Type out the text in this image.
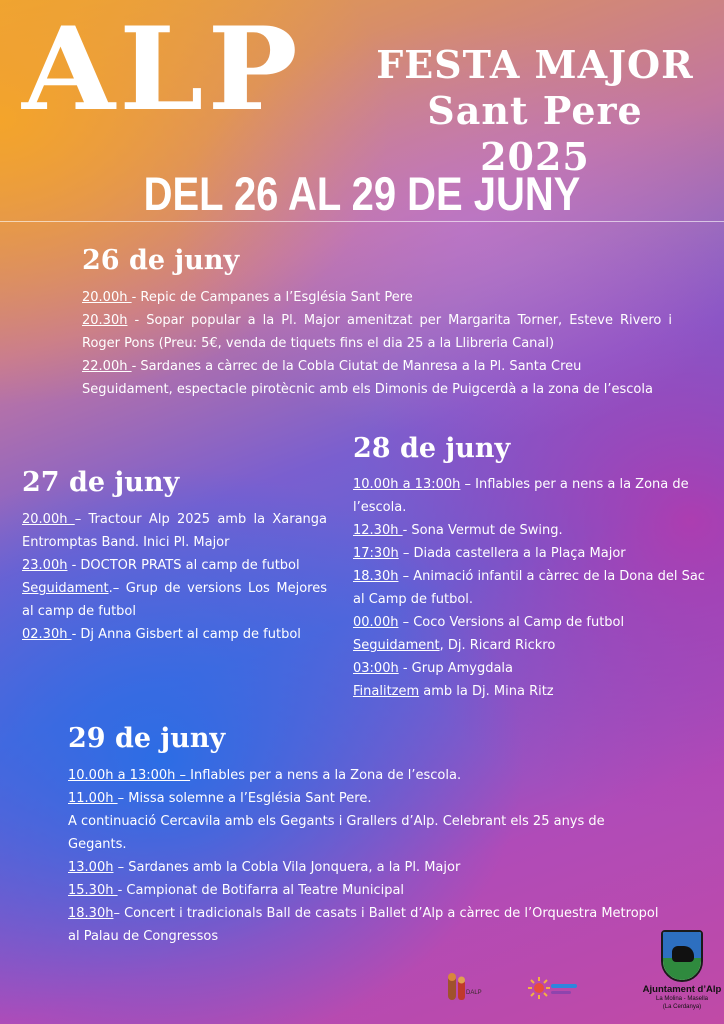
ALP FESTA MAJOR
Sant Pere 2025
DEL 26 AL 29 DE JUNY
26 de juny

20.00h - Repic de Campanes a l’Església Sant Pere

20.30h - Sopar popular a la Pl. Major amenitzat per Margarita Torner, Esteve Rivero i Roger Pons (Preu: 5€, venda de tiquets fins el dia 25 a la Llibreria Canal)

22.00h - Sardanes a càrrec de la Cobla Ciutat de Manresa a la Pl. Santa Creu

Seguidament, espectacle pirotècnic amb els Dimonis de Puigcerdà a la zona de l’escola

27 de juny

20.00h – Tractour Alp 2025 amb la Xaranga Entromptas Band. Inici Pl. Major

23.00h - DOCTOR PRATS al camp de futbol

Seguidament.– Grup de versions Los Mejores al camp de futbol

02.30h - Dj Anna Gisbert al camp de futbol

28 de juny

10.00h a 13:00h – Inflables per a nens a la Zona de l’escola.

12.30h - Sona Vermut de Swing.

17:30h – Diada castellera a la Plaça Major

18.30h – Animació infantil a càrrec de la Dona del Sac al Camp de futbol.

00.00h – Coco Versions al Camp de futbol

Seguidament, Dj. Ricard Rickro

03:00h - Grup Amygdala

Finalitzem amb la Dj. Mina Ritz

29 de juny

10.00h a 13:00h – Inflables per a nens a la Zona de l’escola.

11.00h – Missa solemne a l’Església Sant Pere.

A continuació Cercavila amb els Gegants i Grallers d’Alp. Celebrant els 25 anys de Gegants.

13.00h – Sardanes amb la Cobla Vila Jonquera, a la Pl. Major

15.30h - Campionat de Botifarra al Teatre Municipal

18.30h– Concert i tradicionals Ball de casats i Ballet d’Alp a càrrec de l’Orquestra Metropol al Palau de Congressos

DALP	Ajuntament d’Alp
La Molina - Masella
(La Cerdanya)
